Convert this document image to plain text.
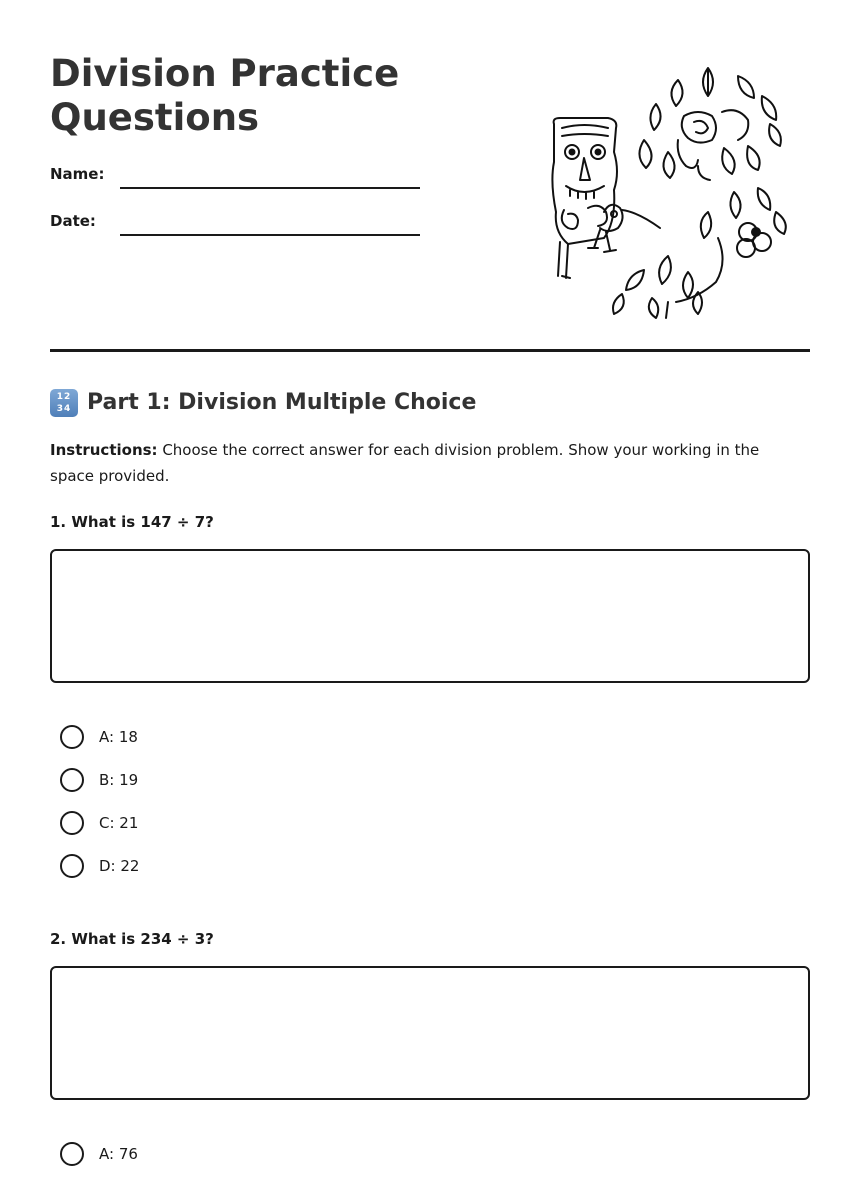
Division Practice
Questions
Name:
Date:
12
34 Part 1: Division Multiple Choice

Instructions: Choose the correct answer for each division problem. Show your working in the space provided.

1. What is 147 ÷ 7?

A: 18
B: 19
C: 21
D: 22

2. What is 234 ÷ 3?

A: 76
